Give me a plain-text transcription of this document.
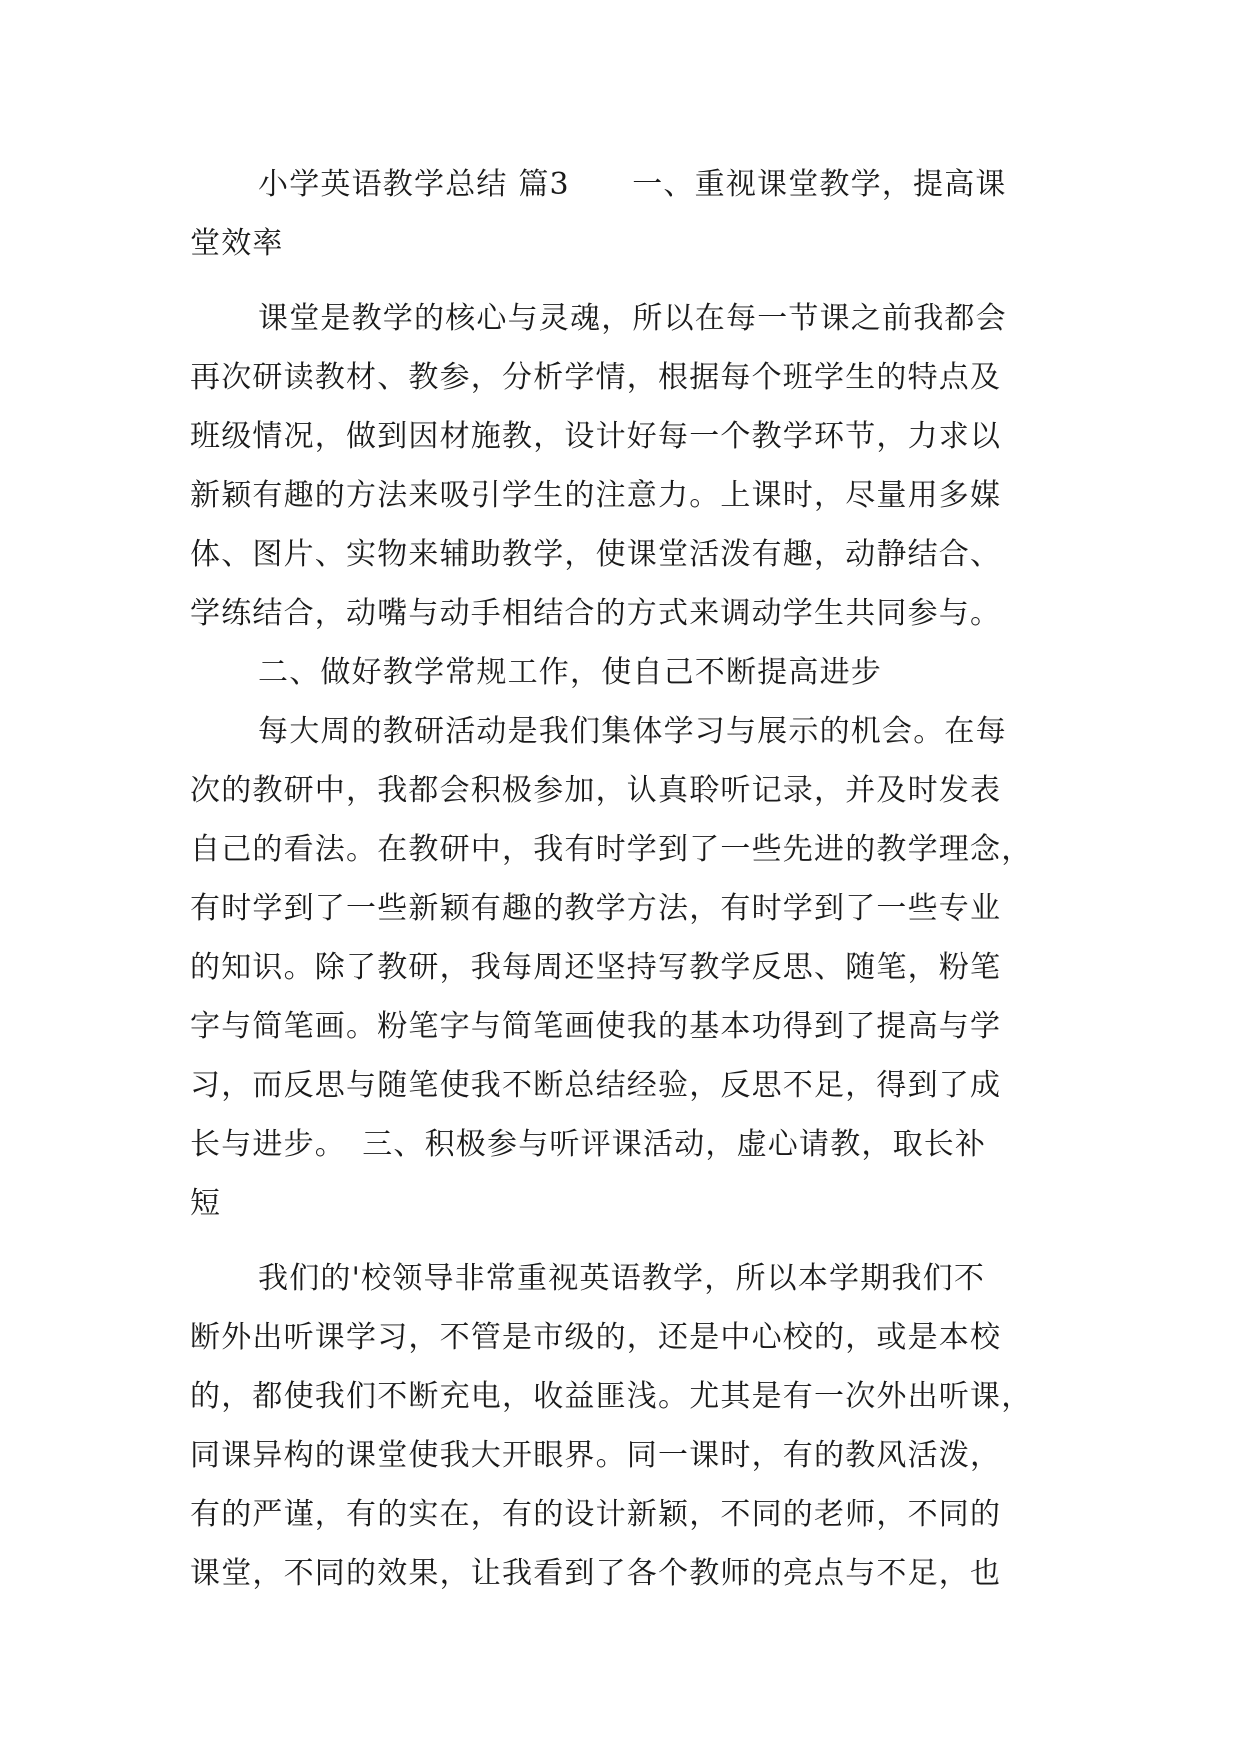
小学英语教学总结 篇3　　一、重视课堂教学，提高课
堂效率
课堂是教学的核心与灵魂，所以在每一节课之前我都会
再次研读教材、教参，分析学情，根据每个班学生的特点及
班级情况，做到因材施教，设计好每一个教学环节，力求以
新颖有趣的方法来吸引学生的注意力。上课时，尽量用多媒
体、图片、实物来辅助教学，使课堂活泼有趣，动静结合、
学练结合，动嘴与动手相结合的方式来调动学生共同参与。
二、做好教学常规工作，使自己不断提高进步
每大周的教研活动是我们集体学习与展示的机会。在每
次的教研中，我都会积极参加，认真聆听记录，并及时发表
自己的看法。在教研中，我有时学到了一些先进的教学理念，
有时学到了一些新颖有趣的教学方法，有时学到了一些专业
的知识。除了教研，我每周还坚持写教学反思、随笔，粉笔
字与简笔画。粉笔字与简笔画使我的基本功得到了提高与学
习，而反思与随笔使我不断总结经验，反思不足，得到了成
长与进步。　三、积极参与听评课活动，虚心请教，取长补
短
我们的'校领导非常重视英语教学，所以本学期我们不
断外出听课学习，不管是市级的，还是中心校的，或是本校
的，都使我们不断充电，收益匪浅。尤其是有一次外出听课，
同课异构的课堂使我大开眼界。同一课时，有的教风活泼，
有的严谨，有的实在，有的设计新颖，不同的老师，不同的
课堂，不同的效果，让我看到了各个教师的亮点与不足，也
